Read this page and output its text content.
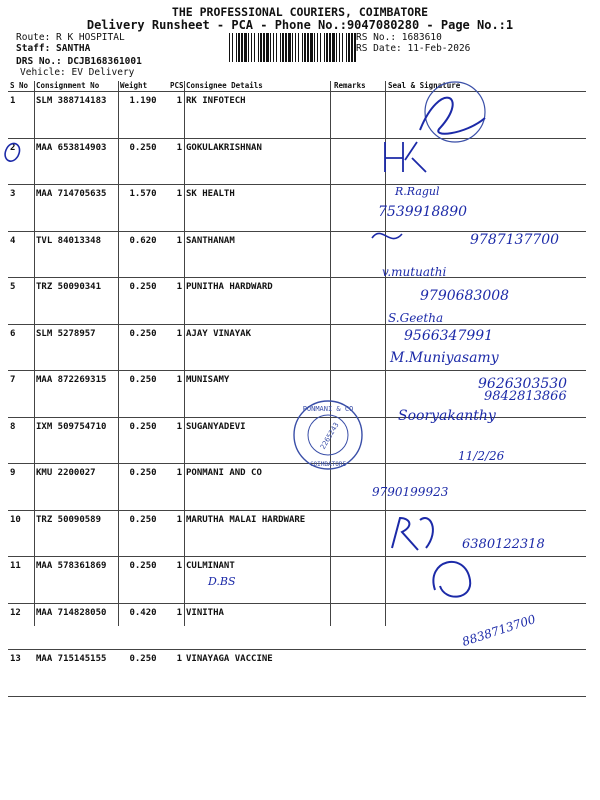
THE PROFESSIONAL COURIERS, COIMBATORE
Delivery Runsheet - PCA - Phone No.:9047080280 - Page No.:1
Route: R K HOSPITAL
Staff: SANTHA
DRS No.: DCJB168361001
Vehicle: EV Delivery
RS No.: 1683610
RS Date: 11-Feb-2026
S No	Consignment No	Weight	PCS	Consignee Details	Remarks	Seal & Signature
1	SLM 388714183	1.190	1	RK INFOTECH		
2	MAA 653814903	0.250	1	GOKULAKRISHNAN		
3	MAA 714705635	1.570	1	SK HEALTH		
4	TVL 84013348	0.620	1	SANTHANAM		
5	TRZ 50090341	0.250	1	PUNITHA HARDWARD		
6	SLM 5278957	0.250	1	AJAY VINAYAK		
7	MAA 872269315	0.250	1	MUNISAMY		
8	IXM 509754710	0.250	1	SUGANYADEVI		
9	KMU 2200027	0.250	1	PONMANI AND CO		
10	TRZ 50090589	0.250	1	MARUTHA MALAI HARDWARE		
11	MAA 578361869	0.250	1	CULMINANT		
12	MAA 714828050	0.420	1	VINITHA		
13	MAA 715145155	0.250	1	VINAYAGA VACCINE		
R.Ragul
7539918890
9787137700
v.mutuathi
9790683008
S.Geetha
9566347991
M.Muniyasamy
9626303530
9842813866
Sooryakanthy
11/2/26
9790199923
6380122318
D.BS
8838713700
PONMANI & CO
2265243
COIMBATORE
